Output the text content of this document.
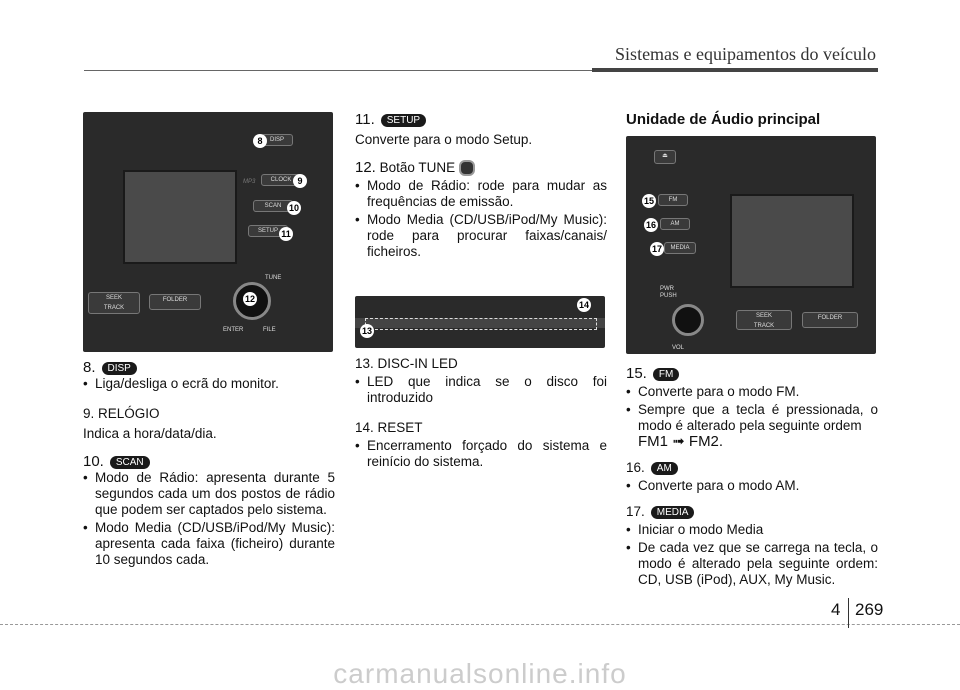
Sistemas e equipamentos do veículo
MP3
DISP
CLOCK
SCAN
SETUP
TUNE
SEEK
TRACK
FOLDER
ENTER	FILE
8
9
10
11
12

8. DISP

• Liga/desliga o ecrã do monitor.

9. RELÓGIO

Indica a hora/data/dia.

10. SCAN

• Modo de Rádio: apresenta durante 5 segundos cada um dos postos de rádio que podem ser captados pelo sistema.
• Modo Media (CD/USB/iPod/My Music): apresenta cada faixa (ficheiro) durante 10 segundos cada.

11. SETUP

Converte para o modo Setup.

12. Botão TUNE

• Modo de Rádio: rode para mudar as frequências de emissão.
• Modo Media (CD/USB/iPod/My Music): rode para procurar faixas/canais/ ficheiros.
13
14

13. DISC-IN LED

• LED que indica se o disco foi introduzido

14. RESET

• Encerramento forçado do sistema e reinício do sistema.

Unidade de Áudio principal

⏏
FM
AM
MEDIA
PWR
PUSH
VOL
SEEK
TRACK
FOLDER
15
16
17

15. FM

• Converte para o modo FM.
• Sempre que a tecla é pressionada, o modo é alterado pela seguinte ordem
FM1 ➟ FM2.

16. AM

• Converte para o modo AM.

17. MEDIA

• Iniciar o modo Media
• De cada vez que se carrega na tecla, o modo é alterado pela seguinte ordem: CD, USB (iPod), AUX, My Music.
4 269
carmanualsonline.info
